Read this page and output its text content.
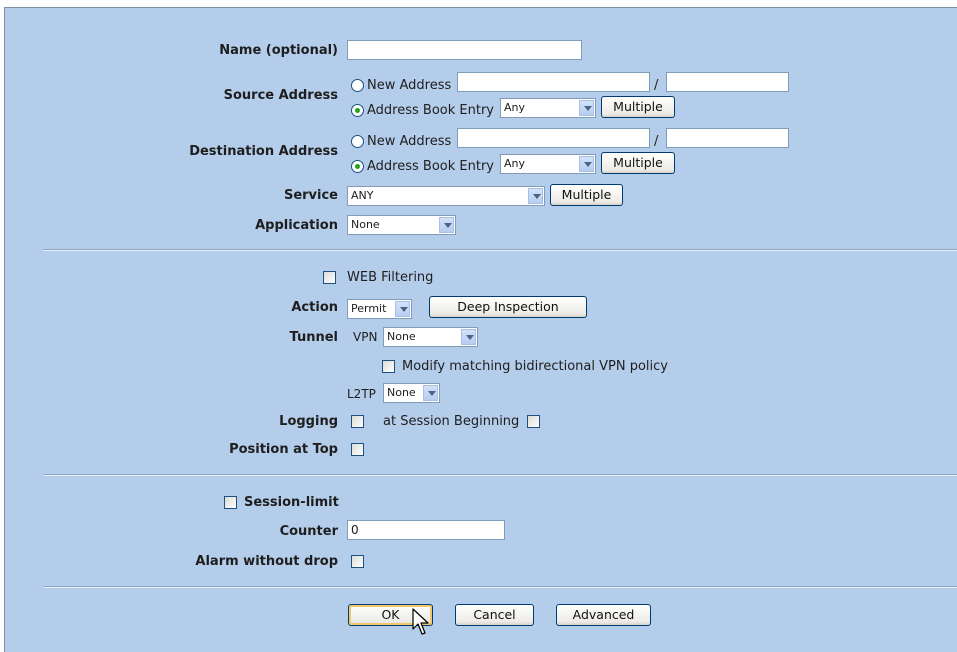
Name (optional)
Source Address
New Address	/
Address Book Entry Any	Multiple
Destination Address
New Address	/
Address Book Entry Any	Multiple
Service	ANY	Multiple
Application	None
WEB Filtering
Action	Permit	Deep Inspection
Tunnel VPN None
Modify matching bidirectional VPN policy
L2TP	None
Logging	at Session Beginning
Position at Top
Session-limit
Counter	0
Alarm without drop
OK	Cancel	Advanced
